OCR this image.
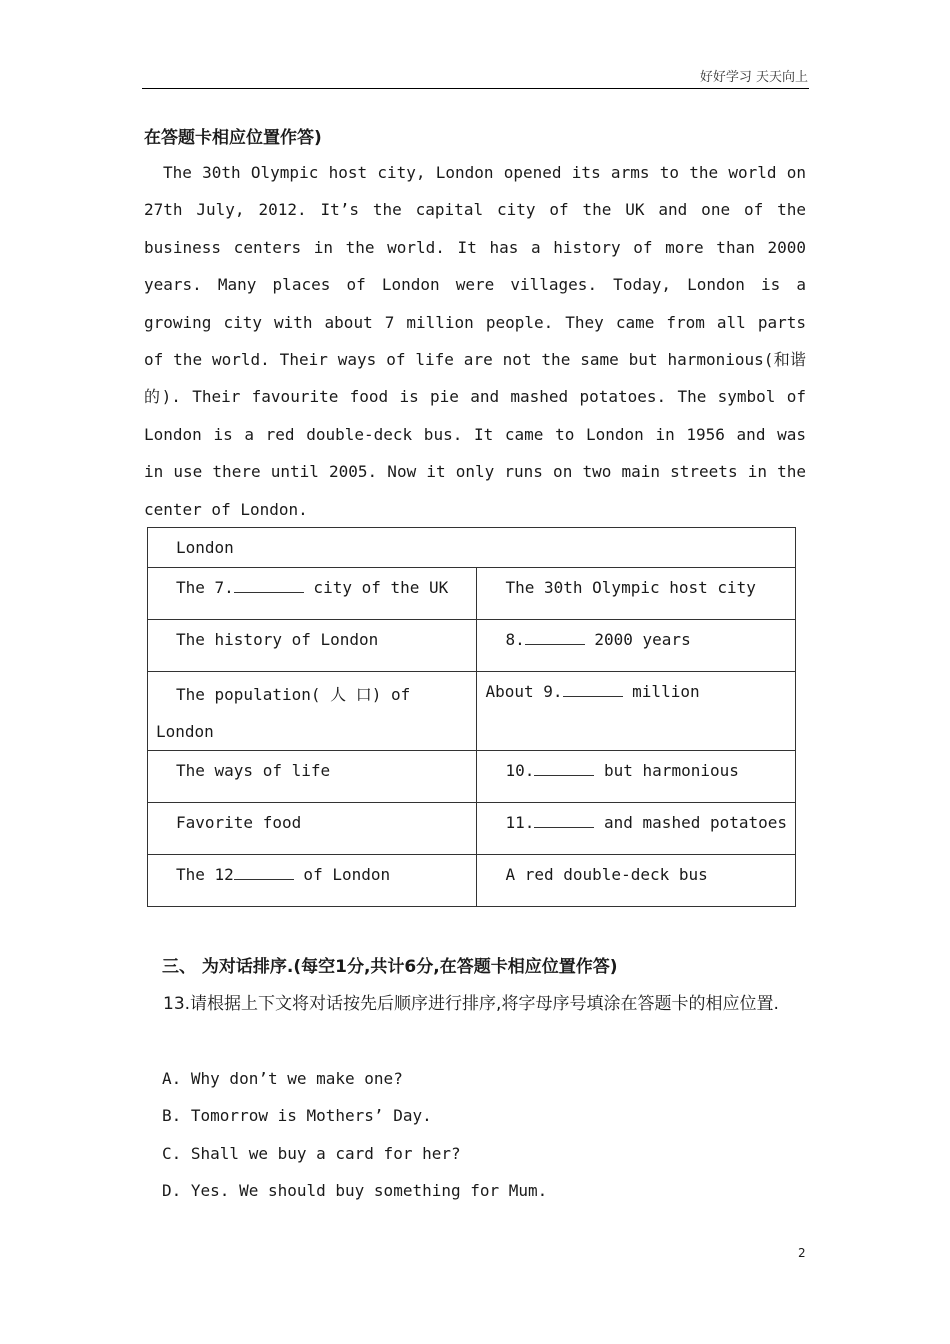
好好学习 天天向上
在答题卡相应位置作答)

The 30th Olympic host city, London opened its arms to the world on 27th July, 2012. It’s the capital city of the UK and one of the business centers in the world. It has a history of more than 2000 years. Many places of London were villages. Today, London is a growing city with about 7 million people. They came from all parts of the world. Their ways of life are not the same but harmonious(和谐的). Their favourite food is pie and mashed potatoes. The symbol of London is a red double-deck bus. It came to London in 1956 and was in use there until 2005. Now it only runs on two main streets in the center of London.

London	

The 7. city of the UK	The 30th Olympic host city

The history of London	8. 2000 years

The population( 人 口) of
London	About 9. million

The ways of life	10. but harmonious

Favorite food	11. and mashed potatoes

The 12 of London	A red double-deck bus
三、 为对话排序.(每空1分,共计6分,在答题卡相应位置作答)
13.请根据上下文将对话按先后顺序进行排序,将字母序号填涂在答题卡的相应位置.
A. Why don’t we make one?
B. Tomorrow is Mothers’ Day.
C. Shall we buy a card for her?
D. Yes. We should buy something for Mum.
2
